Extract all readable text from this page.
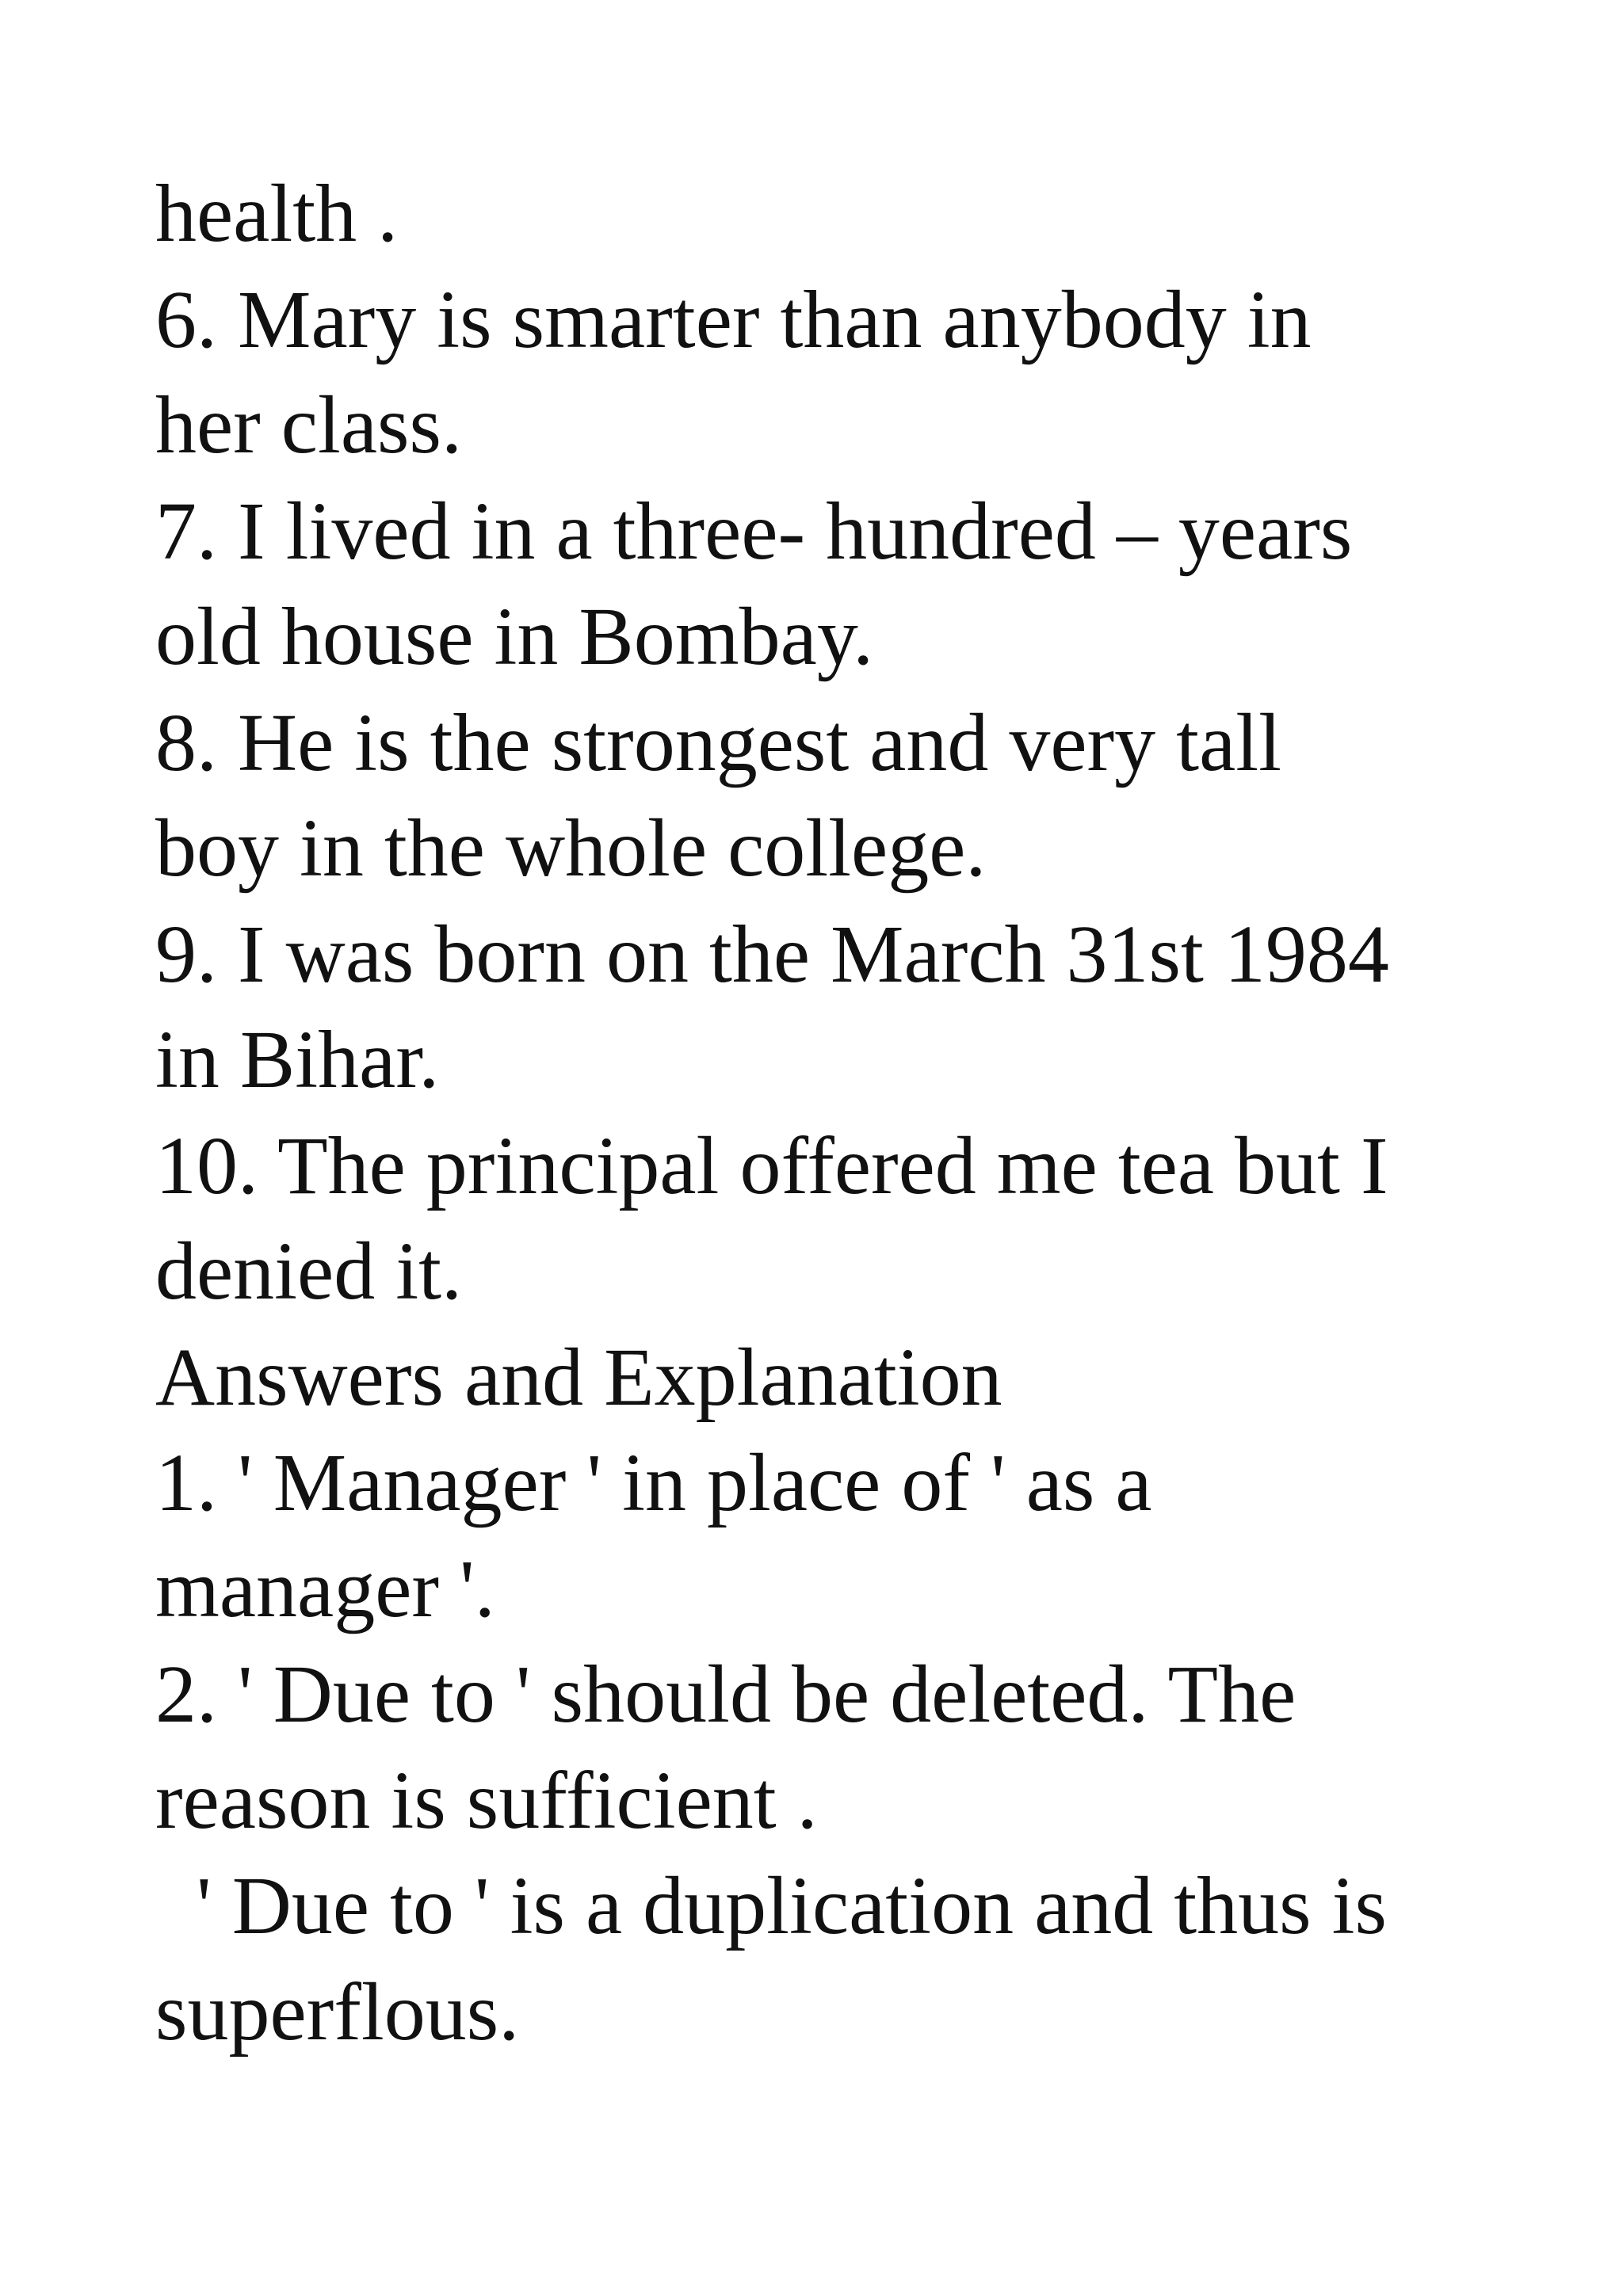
health .
6. Mary is smarter than anybody in
her class.
7. I lived in a three- hundred – years
old house in Bombay.
8. He is the strongest and very tall
boy in the whole college.
9. I was born on the March 31st 1984
in Bihar.
10. The principal offered me tea but I
denied it.
Answers and Explanation
1. ' Manager ' in place of ' as a
manager '.
2. ' Due to ' should be deleted. The
reason is sufficient .
' Due to ' is a duplication and thus is
superflous.
